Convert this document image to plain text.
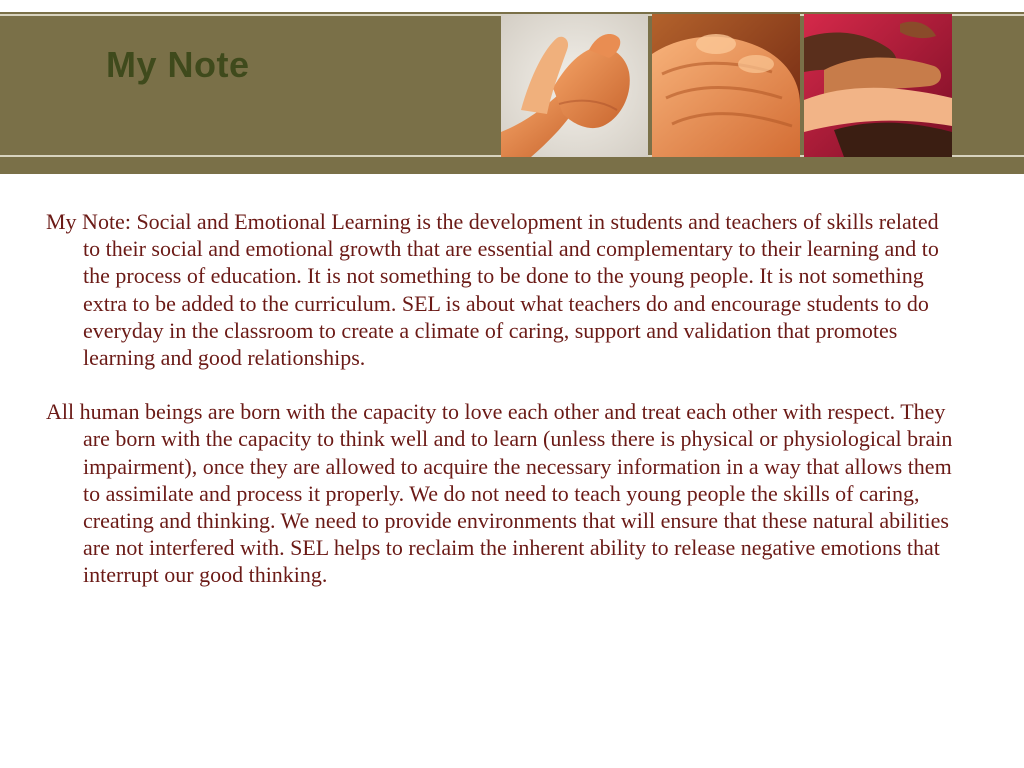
My Note

My Note: Social and Emotional Learning is the development in students and teachers of skills related to their social and emotional growth that are essential and complementary to their learning and to the process of education. It is not something to be done to the young people. It is not something extra to be added to the curriculum. SEL is about what teachers do and encourage students to do everyday in the classroom to create a climate of caring, support and validation that promotes learning and good relationships.

All human beings are born with the capacity to love each other and treat each other with respect. They are born with the capacity to think well and to learn (unless there is physical or physiological brain impairment), once they are allowed to acquire the necessary information in a way that allows them to assimilate and process it properly. We do not need to teach young people the skills of caring, creating and thinking. We need to provide environments that will ensure that these natural abilities are not interfered with. SEL helps to reclaim the inherent ability to release negative emotions that interrupt our good thinking.
